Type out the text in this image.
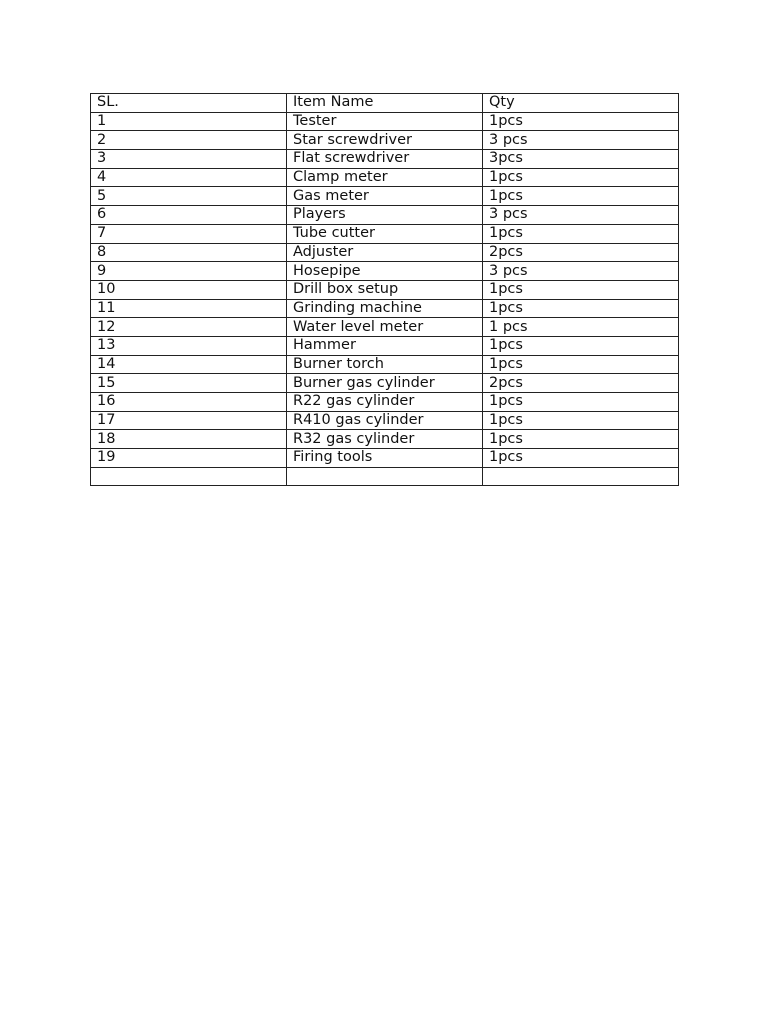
SL.	Item Name	Qty
1	Tester	1pcs
2	Star screwdriver	3 pcs
3	Flat screwdriver	3pcs
4	Clamp meter	1pcs
5	Gas meter	1pcs
6	Players	3 pcs
7	Tube cutter	1pcs
8	Adjuster	2pcs
9	Hosepipe	3 pcs
10	Drill box setup	1pcs
11	Grinding machine	1pcs
12	Water level meter	1 pcs
13	Hammer	1pcs
14	Burner torch	1pcs
15	Burner gas cylinder	2pcs
16	R22 gas cylinder	1pcs
17	R410 gas cylinder	1pcs
18	R32 gas cylinder	1pcs
19	Firing tools	1pcs
